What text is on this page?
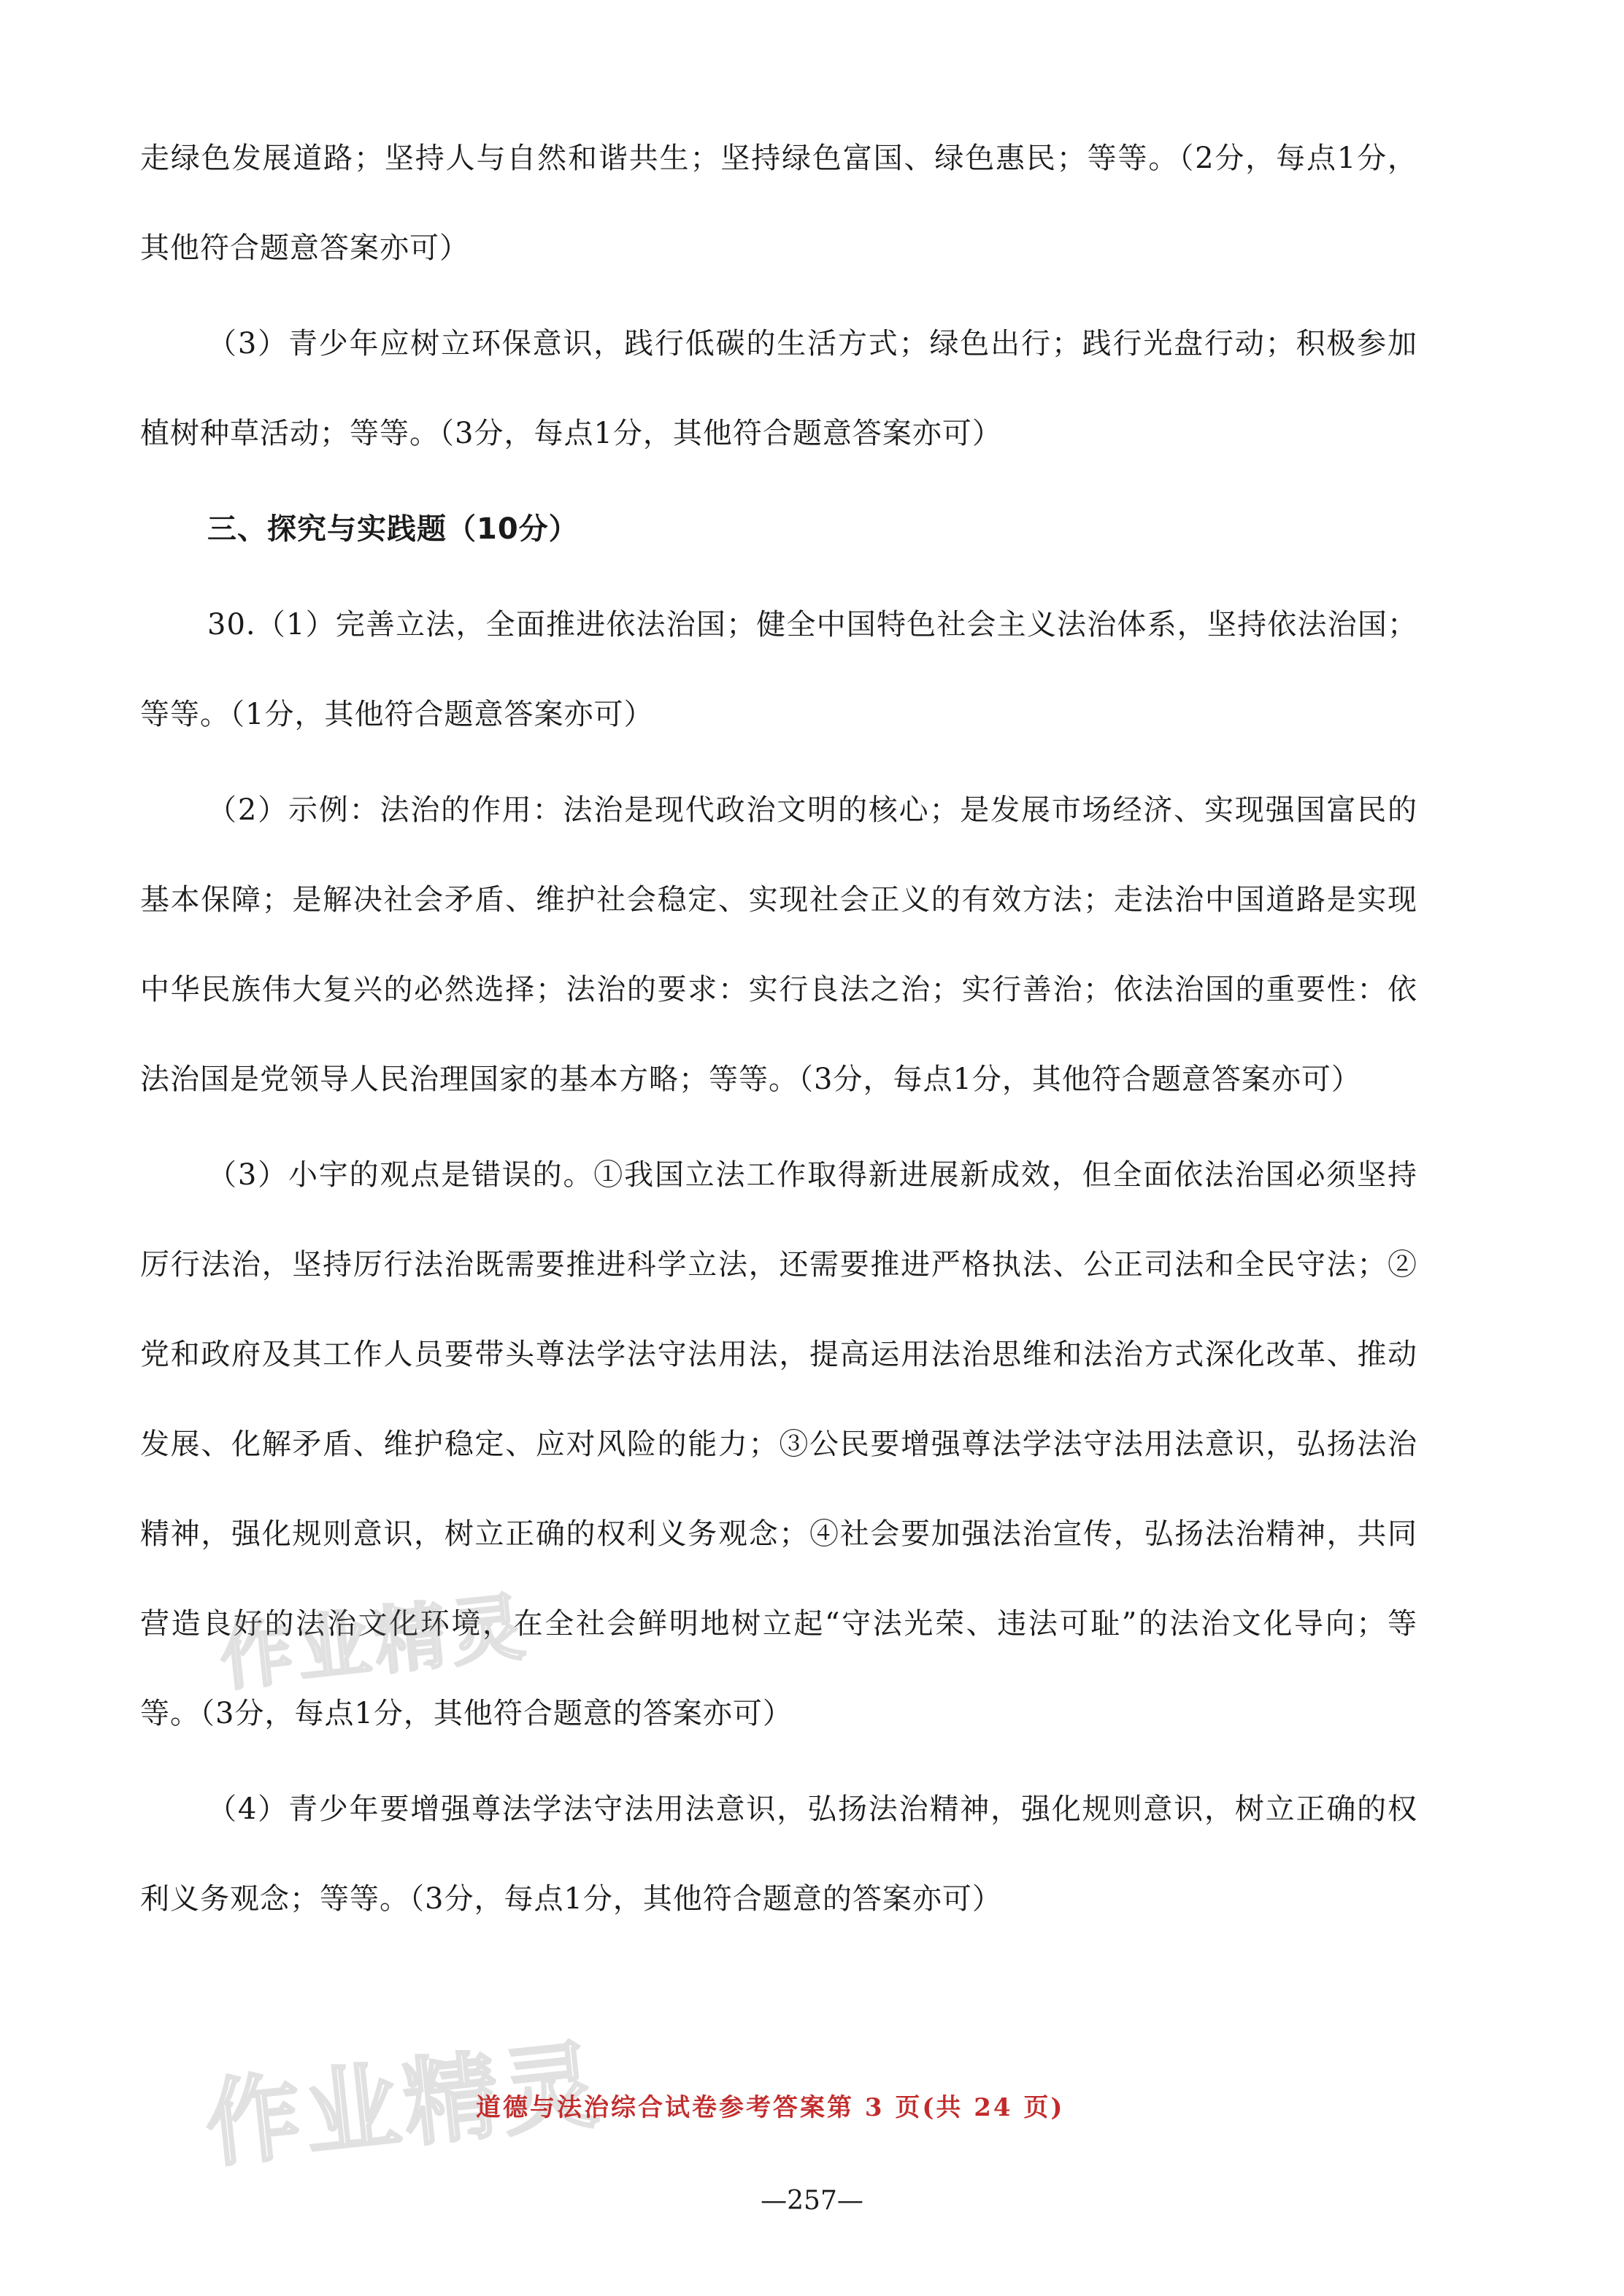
走绿色发展道路；坚持人与自然和谐共生；坚持绿色富国、绿色惠民；等等。（2分，每点1分，其他符合题意答案亦可）

（3）青少年应树立环保意识，践行低碳的生活方式；绿色出行；践行光盘行动；积极参加植树种草活动；等等。（3分，每点1分，其他符合题意答案亦可）

三、探究与实践题（10分）

30.（1）完善立法，全面推进依法治国；健全中国特色社会主义法治体系，坚持依法治国；等等。（1分，其他符合题意答案亦可）

（2）示例：法治的作用：法治是现代政治文明的核心；是发展市场经济、实现强国富民的基本保障；是解决社会矛盾、维护社会稳定、实现社会正义的有效方法；走法治中国道路是实现中华民族伟大复兴的必然选择；法治的要求：实行良法之治；实行善治；依法治国的重要性：依法治国是党领导人民治理国家的基本方略；等等。（3分，每点1分，其他符合题意答案亦可）

（3）小宇的观点是错误的。①我国立法工作取得新进展新成效，但全面依法治国必须坚持厉行法治，坚持厉行法治既需要推进科学立法，还需要推进严格执法、公正司法和全民守法；②党和政府及其工作人员要带头尊法学法守法用法，提高运用法治思维和法治方式深化改革、推动发展、化解矛盾、维护稳定、应对风险的能力；③公民要增强尊法学法守法用法意识，弘扬法治精神，强化规则意识，树立正确的权利义务观念；④社会要加强法治宣传，弘扬法治精神，共同营造良好的法治文化环境，在全社会鲜明地树立起“守法光荣、违法可耻”的法治文化导向；等等。（3分，每点1分，其他符合题意的答案亦可）

（4）青少年要增强尊法学法守法用法意识，弘扬法治精神，强化规则意识，树立正确的权利义务观念；等等。（3分，每点1分，其他符合题意的答案亦可）

作业精灵
作业精灵
道德与法治综合试卷参考答案第 3 页(共 24 页)
—257—
